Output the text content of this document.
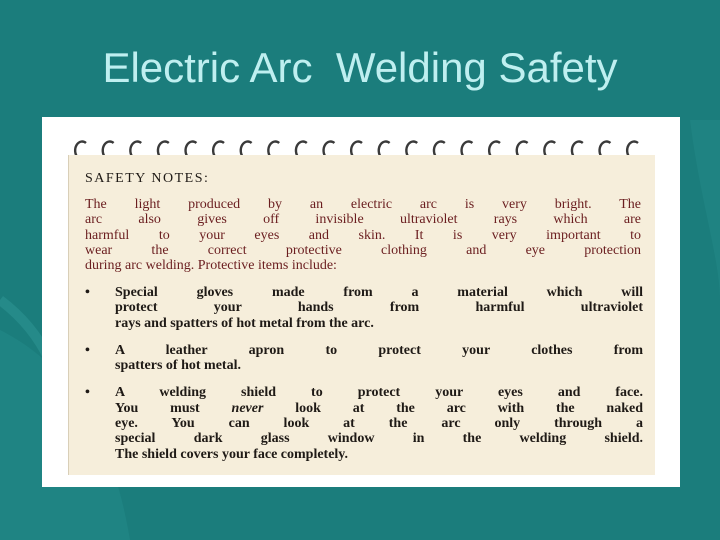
Electric Arc  Welding Safety
SAFETY NOTES:
The light produced by an electric arc is very bright. The
arc also gives off invisible ultraviolet rays which are
harmful to your eyes and skin. It is very important to
wear the correct protective clothing and eye protection
during arc welding. Protective items include:
• Special gloves made from a material which will
protect your hands from harmful ultraviolet
rays and spatters of hot metal from the arc.
• A leather apron to protect your clothes from
spatters of hot metal.
• A welding shield to protect your eyes and face.
You must never look at the arc with the naked
eye. You can look at the arc only through a
special dark glass window in the welding shield.
The shield covers your face completely.
